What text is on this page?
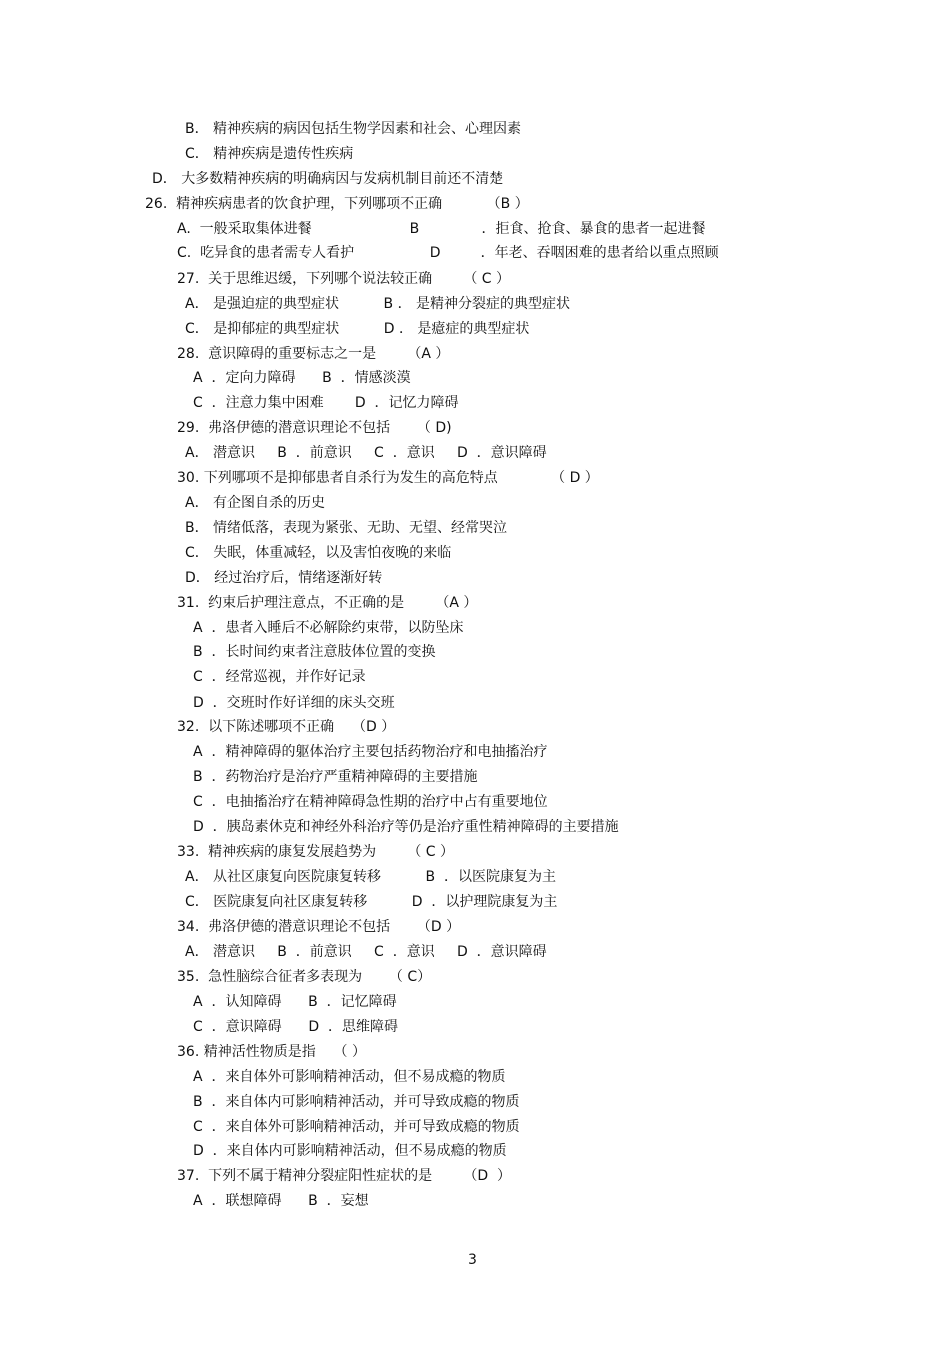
B． 精神疾病的病因包括生物学因素和社会、心理因素
C． 精神疾病是遗传性疾病
D． 大多数精神疾病的明确病因与发病机制目前还不清楚
26.  精神疾病患者的饮食护理，下列哪项不正确          （B ）
A.  一般采取集体进餐                      B              ．拒食、抢食、暴食的患者一起进餐
C.  吃异食的患者需专人看护                 D         ．年老、吞咽困难的患者给以重点照顾
27.  关于思维迟缓，下列哪个说法较正确       （ C ）
A． 是强迫症的典型症状          B ． 是精神分裂症的典型症状
C． 是抑郁症的典型症状          D ． 是癔症的典型症状
28.  意识障碍的重要标志之一是       （A ）
A  ．定向力障碍      B  ．情感淡漠
C  ．注意力集中困难       D  ．记忆力障碍
29.  弗洛伊德的潜意识理论不包括      （ D)
A． 潜意识     B  ．前意识     C  ．意识     D  ．意识障碍
30. 下列哪项不是抑郁患者自杀行为发生的高危特点            （ D ）
A． 有企图自杀的历史
B． 情绪低落，表现为紧张、无助、无望、经常哭泣
C． 失眠，体重减轻，以及害怕夜晚的来临
D． 经过治疗后，情绪逐渐好转
31.  约束后护理注意点，不正确的是       （A ）
A  ．患者入睡后不必解除约束带，以防坠床
B  ．长时间约束者注意肢体位置的变换
C  ．经常巡视，并作好记录
D  ．交班时作好详细的床头交班
32.  以下陈述哪项不正确    （D ）
A  ．精神障碍的躯体治疗主要包括药物治疗和电抽搐治疗
B  ．药物治疗是治疗严重精神障碍的主要措施
C  ．电抽搐治疗在精神障碍急性期的治疗中占有重要地位
D  ．胰岛素休克和神经外科治疗等仍是治疗重性精神障碍的主要措施
33.  精神疾病的康复发展趋势为       （ C ）
A． 从社区康复向医院康复转移          B  ．以医院康复为主
C． 医院康复向社区康复转移          D  ．以护理院康复为主
34.  弗洛伊德的潜意识理论不包括      （D ）
A． 潜意识     B  ．前意识     C  ．意识     D  ．意识障碍
35.  急性脑综合征者多表现为      （ C）
A  ．认知障碍      B  ．记忆障碍
C  ．意识障碍      D  ．思维障碍
36. 精神活性物质是指    （ ）
A  ．来自体外可影响精神活动，但不易成瘾的物质
B  ．来自体内可影响精神活动，并可导致成瘾的物质
C  ．来自体外可影响精神活动，并可导致成瘾的物质
D  ．来自体内可影响精神活动，但不易成瘾的物质
37.  下列不属于精神分裂症阳性症状的是       （D  ）
A  ．联想障碍      B  ．妄想
3
